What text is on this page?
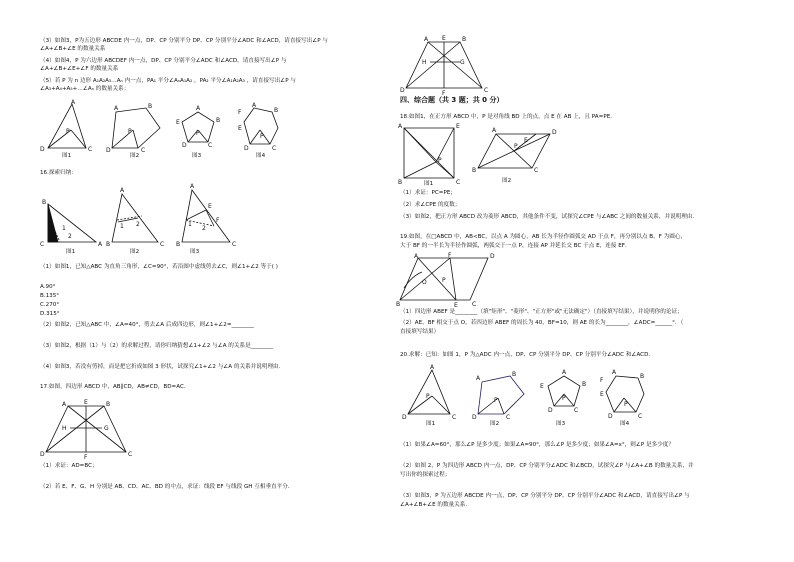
（3）如图3，P为五边形 ABCDE 内一点，DP、CP 分别平分 DP、CP 分别平分∠ADC 和∠ACD，请直接写出∠P 与
∠A+∠B+∠E 的数量关系
（4）如图4，P 为六边形 ABCDEF 内一点，DP、CP 分别平分∠ADC 和∠ACD，请直接写出∠P 与
∠A+∠B+∠E+∠F 的数量关系
（5）若 P 为 n 边形 A₁A₂A₃…Aₙ 内一点，PA₁ 平分∠AₙA₁A₂ ，PA₂ 平分∠A₁A₂A₃ ，请直接写出∠P 与
∠A₃+A₄+A₅+…∠Aₙ 的数量关系：
A
D	C
P
A	B
D	C
P
A
B
E
D	C
P
A
B
F
E
D	C
P
图1	图2	图3	图4
16.探索归纳：
B
C	A
1
2
A
B	C
1 2
A
B	C
1
2
E
F
图1	图2	图3
（1）如图1，已知△ABC 为直角三角形，∠C=90°，若沿图中虚线剪去∠C，则∠1+∠2 等于( )
A.90°
B.135°
C.270°
D.315°
（2）如图2，已知△ABC 中，∠A=40°，剪去∠A 后成四边形，则∠1+∠2=________
（3）如图2，根据（1）与（2）的求解过程，请你归纳猜想∠1+∠2 与∠A 的关系是________
（4）如图3，若没有剪掉，而是把它折成如图 3 形状，试探究∠1+∠2 与∠A 的关系并说明理由.
17.如图，四边形 ABCD 中，AB∥CD，AB≠CD，BD=AC．
A	E	B
H	G
D	F	C
（1）求证：AD=BC；
（2）若 E、F、G、H 分别是 AB、CD、AC、BD 的中点，求证：线段 EF 与线段 GH 互相垂直平分．
A E	B
H	G
D	F	C
四、综合题（共 3 题；共 0 分）
18.如图1，在正方形 ABCD 中，P 是对角线 BD 上的点，点 E 在 AB 上，且 PA=PE．
A	E
C
B
P
A	D
B	C
P
E
图1	图2
（1）求证：PC=PE；
（2）求∠CPE 的度数；
（3）如图2，把正方形 ABCD 改为菱形 ABCD，其他条件不变，试探究∠CPE 与∠ABC 之间的数量关系，并说明理由.
19.如图，在□ABCD 中，AB<BC，以点 A 为圆心，AB 长为半径作圆弧交 AD 于点 F，再分别以点 B、F 为圆心，
大于 BF 的一半长为半径作圆弧，两弧交于一点 P，连接 AP 并延长交 BC 于点 E，连接 EF．
A	F	D
B	E C
O	P
（1）四边形 ABEF 是________（填"矩形"、"菱形"、"正方形"或"无法确定"）（直接填写结果），并说明你的论证；
（2）AE、BF 相交于点 O，若四边形 ABEF 的周长为 40，BF=10，则 AE 的长为________，∠ADC=______°．（
直接填写结果）
20.求解：已知：如图 1，P 为△ADC 内一点，DP、CP 分别平分 DP、CP 分别平分∠ADC 和∠ACD．
A
D	C
P
A
B
D	C
P
A
B
E
D	C
P
A
B
F
E
D	C
P
图1	图2	图3	图4
（1）如果∠A=60°，那么∠P 是多少度；如果∠A=90°，那么∠P 是多少度；如果∠A=x°，则∠P 是多少度？
（2）如图 2，P 为四边形 ABCD 内一点，DP、CP 分别平分∠ADC 和∠BCD，试探究∠P 与∠A+∠B 的数量关系，并
写出你的探索过程；
（3）如图3，P 为五边形 ABCDE 内一点，DP、CP 分别平分 DP、CP 分别平分∠ADC 和∠ACD，请直接写出∠P 与
∠A+∠B+∠E 的数量关系．
